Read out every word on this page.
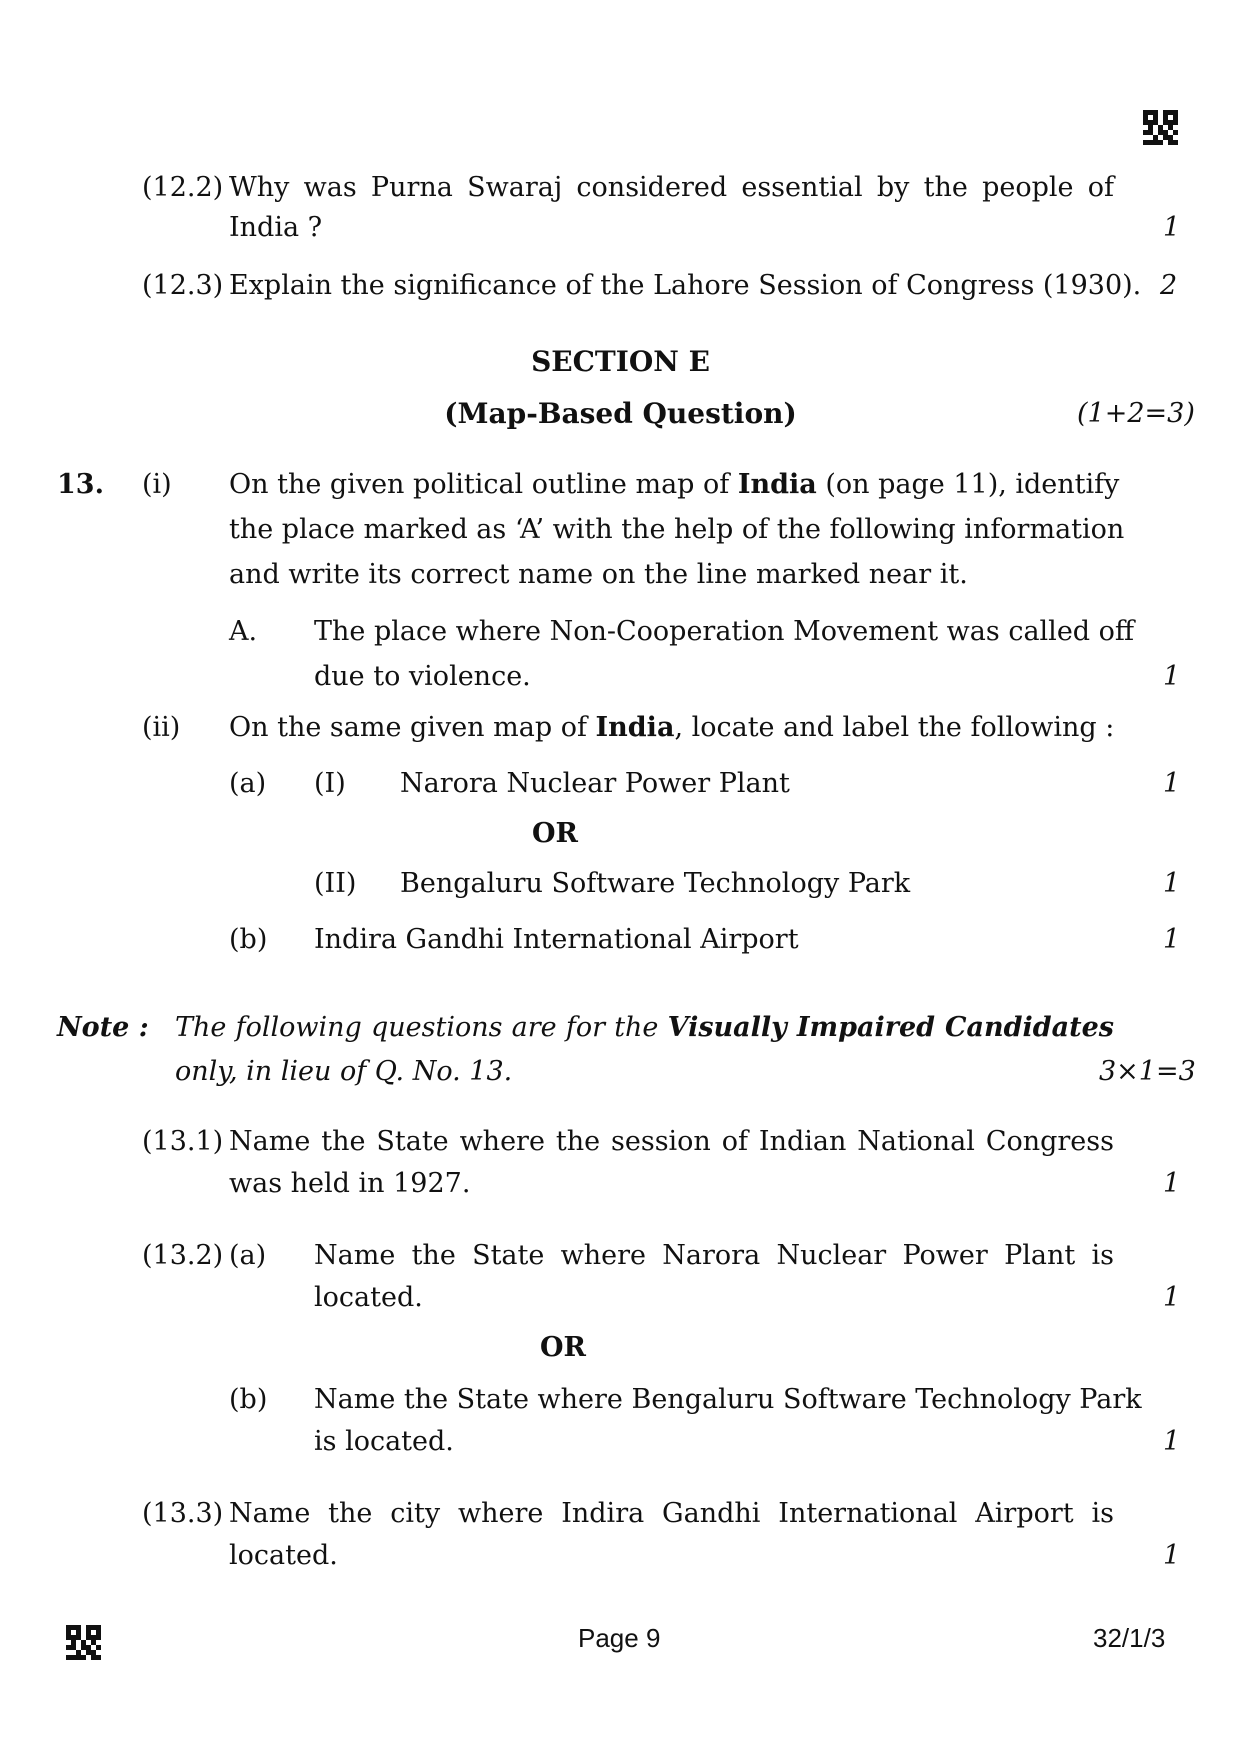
(12.2) Why was Purna Swaraj considered essential by the people of
India ?	1
(12.3) Explain the significance of the Lahore Session of Congress (1930). 2
SECTION E
(Map-Based Question)	(1+2=3)
13. (i) On the given political outline map of India (on page 11), identify
the place marked as ‘A’ with the help of the following information
and write its correct name on the line marked near it.
A. The place where Non-Cooperation Movement was called off
due to violence.	1
(ii) On the same given map of India, locate and label the following :
(a) (I) Narora Nuclear Power Plant	1
OR
(II) Bengaluru Software Technology Park	1
(b) Indira Gandhi International Airport	1
Note : The following questions are for the Visually Impaired Candidates
only, in lieu of Q. No. 13.	3×1=3
(13.1) Name the State where the session of Indian National Congress
was held in 1927.	1
(13.2) (a) Name the State where Narora Nuclear Power Plant is
located.	1
OR
(b) Name the State where Bengaluru Software Technology Park
is located.	1
(13.3) Name the city where Indira Gandhi International Airport is
located.	1
Page 9	32/1/3
